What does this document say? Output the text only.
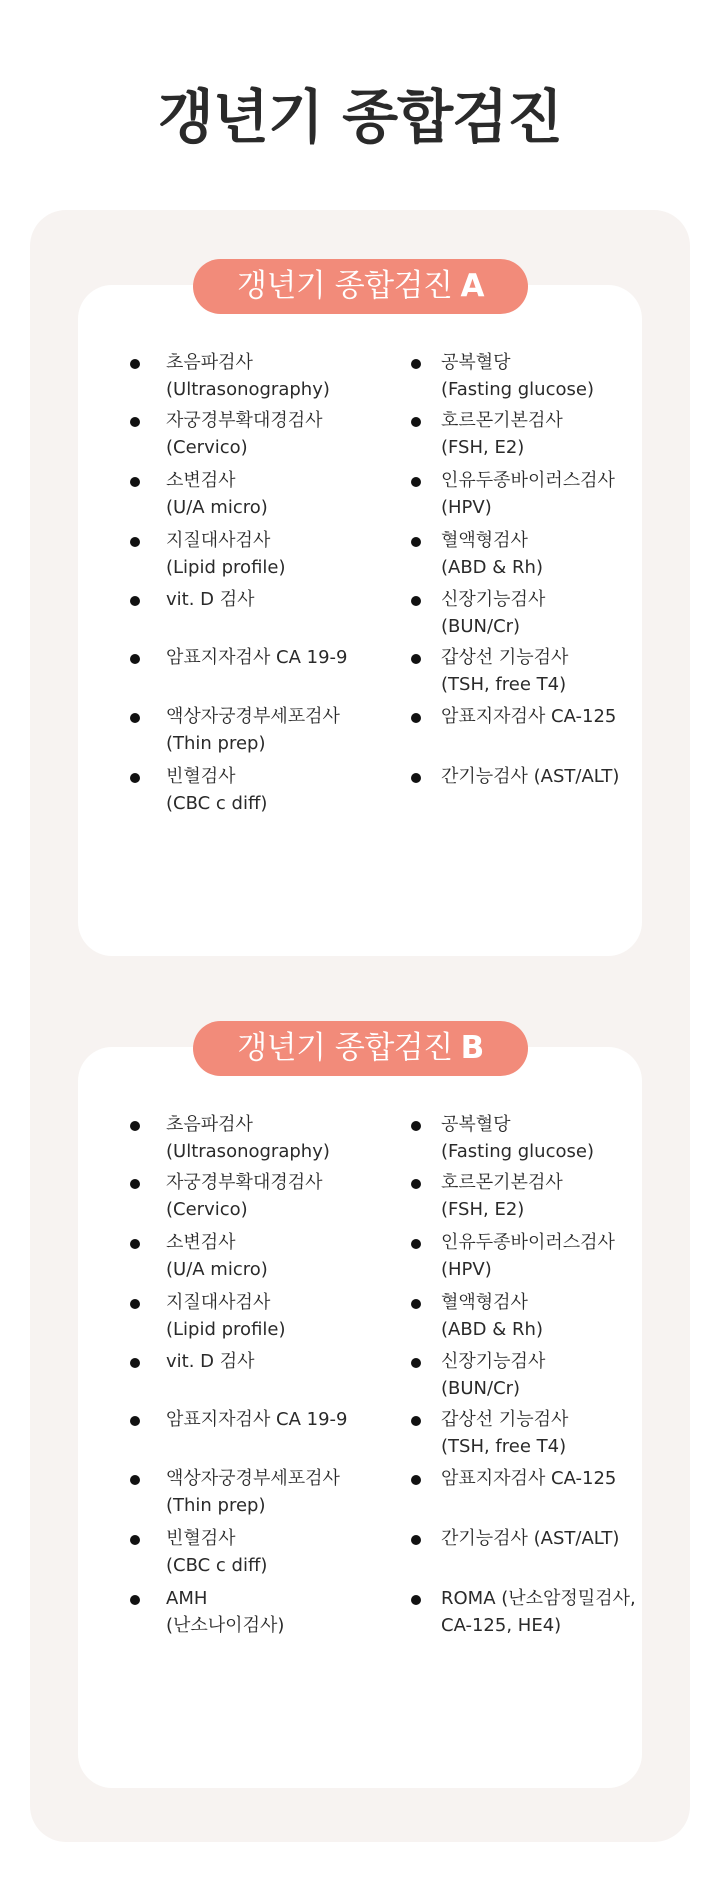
갱년기 종합검진
갱년기 종합검진 A
초음파검사
(Ultrasonography)
자궁경부확대경검사
(Cervico)
소변검사
(U/A micro)
지질대사검사
(Lipid profile)
vit. D 검사
암표지자검사 CA 19-9
액상자궁경부세포검사
(Thin prep)
빈혈검사
(CBC c diff)
공복혈당
(Fasting glucose)
호르몬기본검사
(FSH, E2)
인유두종바이러스검사
(HPV)
혈액형검사
(ABD & Rh)
신장기능검사
(BUN/Cr)
갑상선 기능검사
(TSH, free T4)
암표지자검사 CA-125
간기능검사 (AST/ALT)
갱년기 종합검진 B
초음파검사
(Ultrasonography)
자궁경부확대경검사
(Cervico)
소변검사
(U/A micro)
지질대사검사
(Lipid profile)
vit. D 검사
암표지자검사 CA 19-9
액상자궁경부세포검사
(Thin prep)
빈혈검사
(CBC c diff)
AMH
(난소나이검사)
공복혈당
(Fasting glucose)
호르몬기본검사
(FSH, E2)
인유두종바이러스검사
(HPV)
혈액형검사
(ABD & Rh)
신장기능검사
(BUN/Cr)
갑상선 기능검사
(TSH, free T4)
암표지자검사 CA-125
간기능검사 (AST/ALT)
ROMA (난소암정밀검사,
CA-125, HE4)
